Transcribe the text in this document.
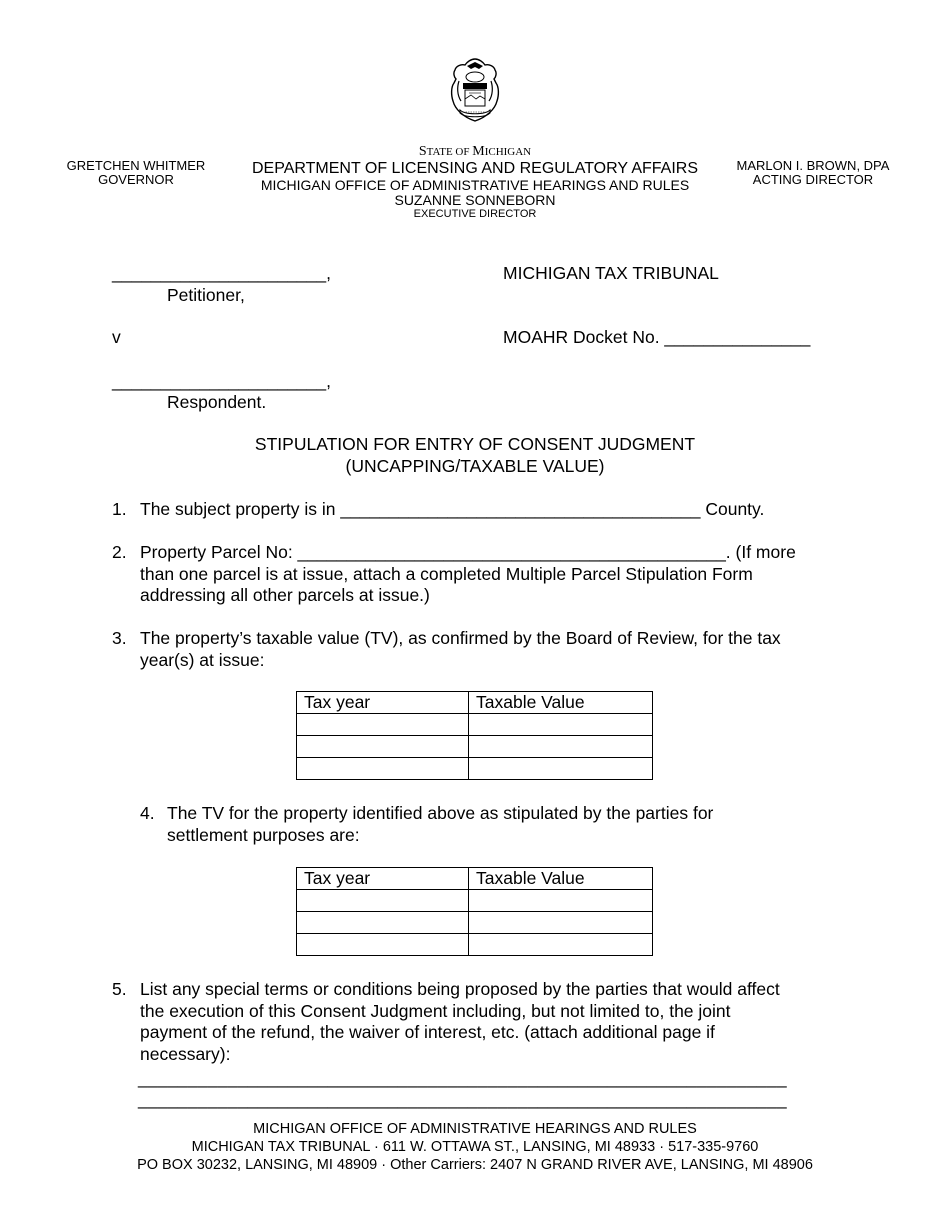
STATE OF MICHIGAN
DEPARTMENT OF LICENSING AND REGULATORY AFFAIRS
MICHIGAN OFFICE OF ADMINISTRATIVE HEARINGS AND RULES
SUZANNE SONNEBORN
EXECUTIVE DIRECTOR
GRETCHEN WHITMER
GOVERNOR
MARLON I. BROWN, DPA
ACTING DIRECTOR
______________________,
Petitioner,
v
______________________,
Respondent.
MICHIGAN TAX TRIBUNAL
MOAHR Docket No. _______________
STIPULATION FOR ENTRY OF CONSENT JUDGMENT
(UNCAPPING/TAXABLE VALUE)
1. The subject property is in _____________________________________ County.
2. Property Parcel No: ____________________________________________. (If more
than one parcel is at issue, attach a completed Multiple Parcel Stipulation Form
addressing all other parcels at issue.)
3. The property’s taxable value (TV), as confirmed by the Board of Review, for the tax
year(s) at issue:
Tax year	Taxable Value

4. The TV for the property identified above as stipulated by the parties for
settlement purposes are:
Tax year	Taxable Value

5. List any special terms or conditions being proposed by the parties that would affect
the execution of this Consent Judgment including, but not limited to, the joint
payment of the refund, the waiver of interest, etc. (attach additional page if
necessary):
_________________________________________________________________
_________________________________________________________________
MICHIGAN OFFICE OF ADMINISTRATIVE HEARINGS AND RULES
MICHIGAN TAX TRIBUNAL · 611 W. OTTAWA ST., LANSING, MI 48933 · 517-335-9760
PO BOX 30232, LANSING, MI 48909 · Other Carriers: 2407 N GRAND RIVER AVE, LANSING, MI 48906
